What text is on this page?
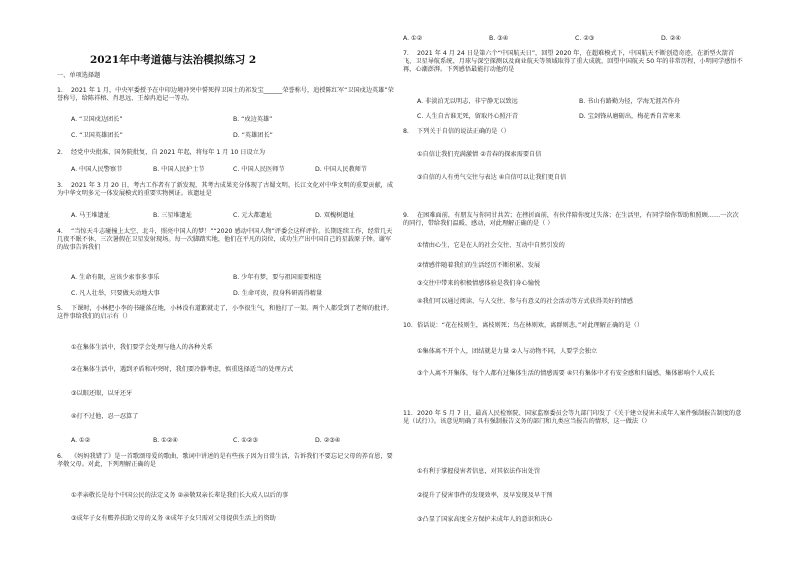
2021年中考道德与法治模拟练习 2
一、单项选择题
1. 2021 年 1 月，中央军委授予在中印边境冲突中誓死捍卫国土的祁发宝______荣誉称号，追授陈红军“卫国戍边英雄”荣誉称号，给陈祥榕、肖思远、王焯冉追记一等功。
A. “卫国戍边团长”	B. “戍边英雄”
C. “卫国英雄团长”	D. “英雄团长”
2. 经党中央批准、国务院批复，自 2021 年起，将每年 1 月 10 日设立为
A. 中国人民警察节	B. 中国人民护士节	C. 中国人民医师节	D. 中国人民教师节
3. 2021 年 3 月 20 日，考古工作者有了新发现，其考古成果充分体现了古蜀文明、长江文化对中华文明的重要贡献，成为中华文明多元一体发展模式的重要实物例证。该遗址是
A. 马王堆遗址	B. 三星堆遗址	C. 元大都遗址	D. 双槐树遗址
4. “当惊天斗志碰撞上太空，北斗，照亮中国人的梦！”“2020 感动中国人物”评委会这样评价。长期连续工作，经常几天几夜不眠不休，三次暑假在卫星发射现场。每一次脚踏实地，他们在平凡的岗位，成功生产出中国自己的星载原子钟。谢军的故事告诉我们
A. 生命有限，应该少索事多事乐	B. 少年有梦，要与祖国需要相连
C. 凡人壮举，只要做天动地大事	D. 生命可贵，投身科研需得精量
5. 下课时，小林把小李的书碰落在地，小林没有道歉就走了，小李很生气，和他打了一架。两个人都受到了老师的批评。这件事给我们的启示有（）
①在集体生活中，我们要学会处理与他人的各种关系
②在集体生活中，遇到矛盾和冲突时，我们要冷静考虑，慎重选择适当的处理方式
③以眼还眼，以牙还牙
④打不过他，忍一忍算了
A. ①②	B. ①②④	C. ①②③	D. ②③④
6. 《妈妈我错了》是一首歌颂母爱的歌曲，歌词中讲述的是有些孩子因为日常生活，告诉我们不要忘记父母的养育恩，要孝敬父母。对此，下列理解正确的是
①孝亲敬长是每个中国公民的法定义务 ②亲敬双亲长辈是我们长大成人以后的事
③成年子女有赡养扶助父母的义务 ④成年子女只需对父母提供生活上的资助
A. ①②	B. ③④	C. ②③	D. ②④
7. 2021 年 4 月 24 日是第六个“中国航天日”，回望 2020 年，在超难模式下，中国航天不断创造奇迹，在新型火箭首飞、卫星导航系统、月球与深空探测以及商业航天等领域取得了重大成就，回望中国航天 50 年的非常历程，小明同学感悟不再，心潮澎湃。下列感悟最能打动他的是
A. 非淡泊无以明志，非宁静无以致远	B. 书山有路勤为径，学海无涯苦作舟
C. 人生自古谁无死，留取丹心照汗青	D. 宝剑锋从磨砺出，梅花香自苦寒来
8. 下列关于自信的说法正确的是（）
①自信让我们充满激情 ②青春的探索需要自信
③自信的人有勇气交往与表达 ④自信可以让我们更自信
9. 在困难面前，有朋友与你同甘共苦；在挫折面前，有伙伴陪你度过失落；在生活里，有同学给你帮助和照顾……一次次的同行，带给我们温暖、感动，对此理解正确的是（ ）
①情由心生，它是在人的社会交往、互动中自然引发的
②情感伴随着我们的生活经历不断积累、发展
③交往中带来的积极情感体验是我们身心愉悦
④我们可以通过阅读、与人交往、参与有意义的社会活动等方式获得美好的情感
10. 俗话说：“花在枝则生，离枝则死；鸟在林则欢，离群则悲。”对此理解正确的是（）
①集体离不开个人，团结就是力量 ②人与动物不同，人要学会独立
③个人离不开集体，每个人都有过集体生活的情感需要 ④只有集体中才有安全感和归属感，集体影响个人成长
11. 2020 年 5 月 7 日，最高人民检察院、国家监察委员会等九部门印发了《关于建立侵害未成年人案件强制报告制度的意见（试行）》。该意见明确了具有强制报告义务的部门和九类应当报告的情形，这一做法（）
①有利于掌握侵害者信息，对其依法作出处罚
②提升了侵害事件的发现效率，及早发现及早干预
③凸显了国家高度全方保护未成年人的意识和决心
